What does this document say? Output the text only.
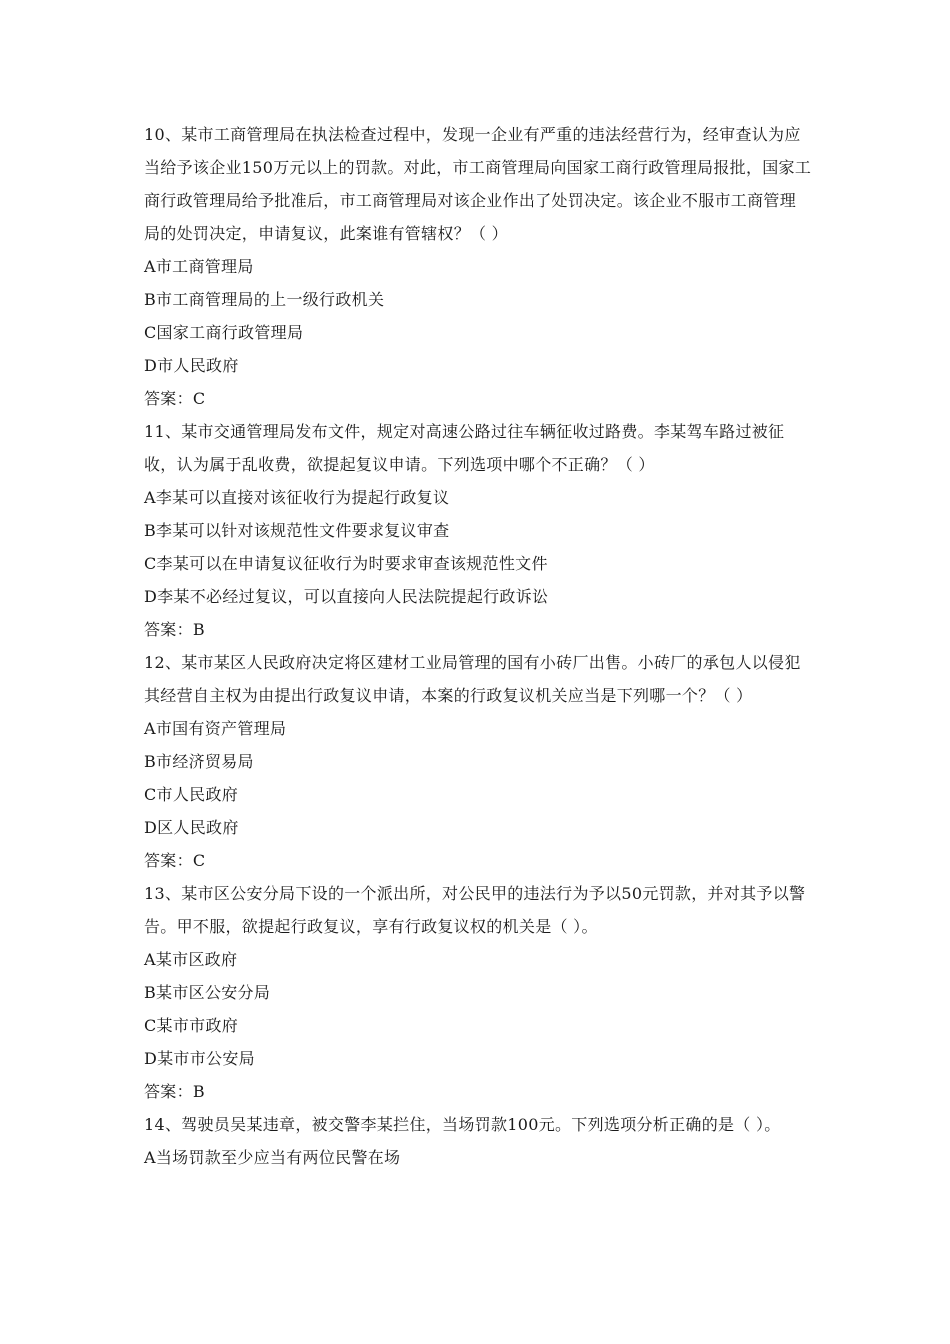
10、某市工商管理局在执法检查过程中，发现一企业有严重的违法经营行为，经审查认为应当给予该企业150万元以上的罚款。对此，市工商管理局向国家工商行政管理局报批，国家工商行政管理局给予批准后，市工商管理局对该企业作出了处罚决定。该企业不服市工商管理局的处罚决定，申请复议，此案谁有管辖权？（ ）

A市工商管理局

B市工商管理局的上一级行政机关

C国家工商行政管理局

D市人民政府

答案：C

11、某市交通管理局发布文件，规定对高速公路过往车辆征收过路费。李某驾车路过被征收，认为属于乱收费，欲提起复议申请。下列选项中哪个不正确？（ ）

A李某可以直接对该征收行为提起行政复议

B李某可以针对该规范性文件要求复议审查

C李某可以在申请复议征收行为时要求审查该规范性文件

D李某不必经过复议，可以直接向人民法院提起行政诉讼

答案：B

12、某市某区人民政府决定将区建材工业局管理的国有小砖厂出售。小砖厂的承包人以侵犯其经营自主权为由提出行政复议申请，本案的行政复议机关应当是下列哪一个？（ ）

A市国有资产管理局

B市经济贸易局

C市人民政府

D区人民政府

答案：C

13、某市区公安分局下设的一个派出所，对公民甲的违法行为予以50元罚款，并对其予以警告。甲不服，欲提起行政复议，享有行政复议权的机关是（ ）。

A某市区政府

B某市区公安分局

C某市市政府

D某市市公安局

答案：B

14、驾驶员吴某违章，被交警李某拦住，当场罚款100元。下列选项分析正确的是（ ）。

A当场罚款至少应当有两位民警在场
